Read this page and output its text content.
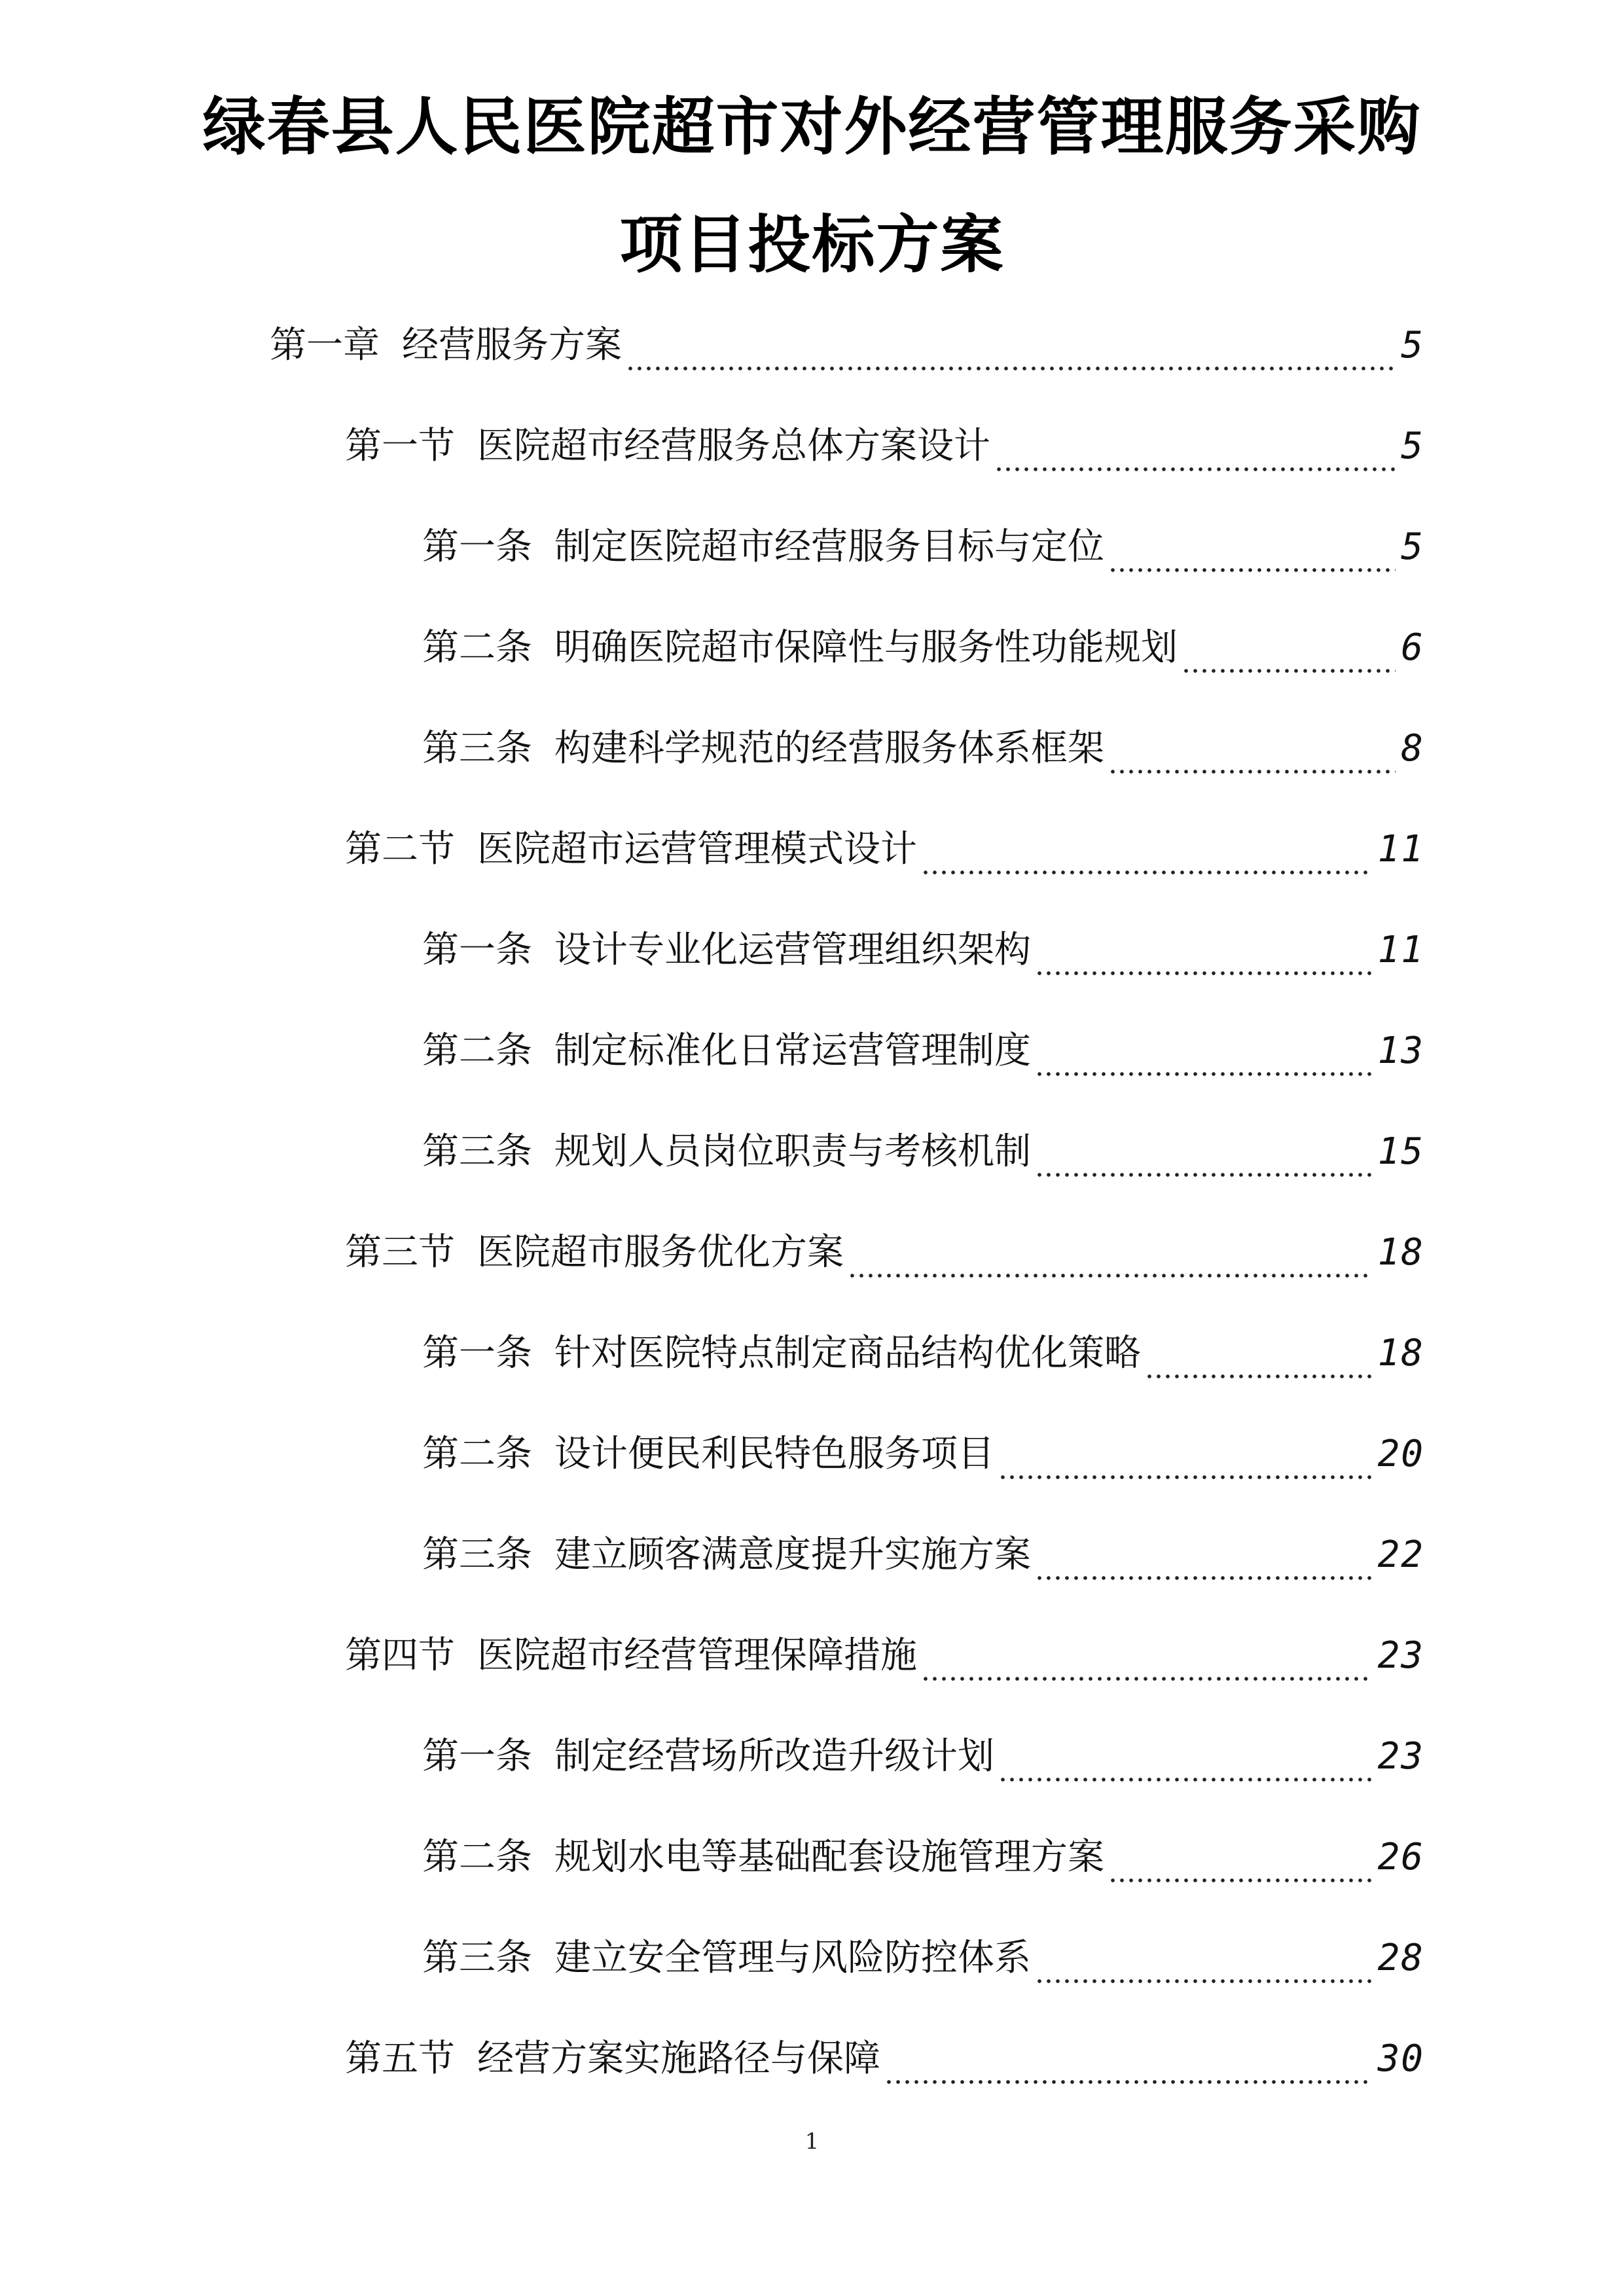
绿春县人民医院超市对外经营管理服务采购
项目投标方案
第一章 经营服务方案	5
第一节 医院超市经营服务总体方案设计	5
第一条 制定医院超市经营服务目标与定位	5
第二条 明确医院超市保障性与服务性功能规划	6
第三条 构建科学规范的经营服务体系框架	8
第二节 医院超市运营管理模式设计	11
第一条 设计专业化运营管理组织架构	11
第二条 制定标准化日常运营管理制度	13
第三条 规划人员岗位职责与考核机制	15
第三节 医院超市服务优化方案	18
第一条 针对医院特点制定商品结构优化策略	18
第二条 设计便民利民特色服务项目	20
第三条 建立顾客满意度提升实施方案	22
第四节 医院超市经营管理保障措施	23
第一条 制定经营场所改造升级计划	23
第二条 规划水电等基础配套设施管理方案	26
第三条 建立安全管理与风险防控体系	28
第五节 经营方案实施路径与保障	30
1
